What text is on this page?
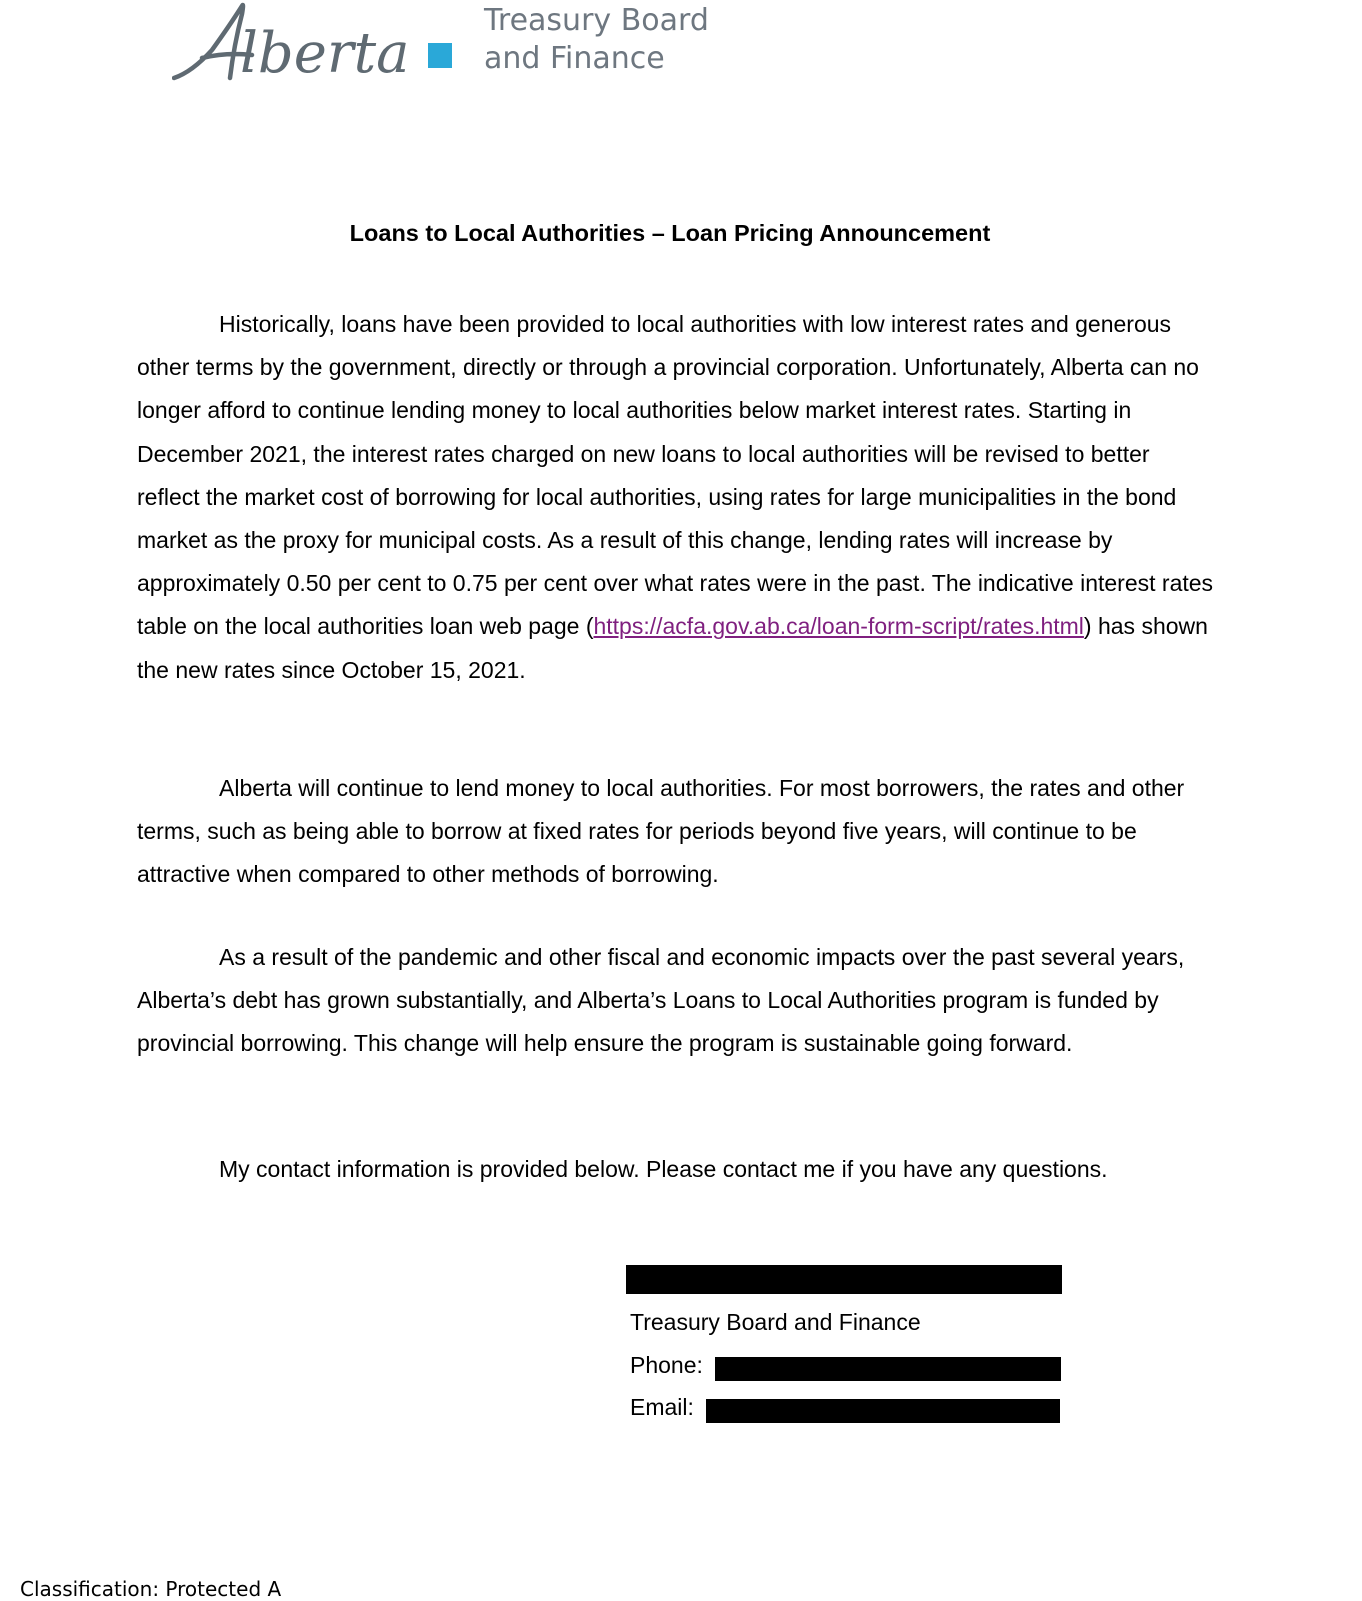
lberta
Treasury Board
and Finance
Loans to Local Authorities – Loan Pricing Announcement

Historically, loans have been provided to local authorities with low interest rates and generous other terms by the government, directly or through a provincial corporation. Unfortunately, Alberta can no longer afford to continue lending money to local authorities below market interest rates. Starting in December 2021, the interest rates charged on new loans to local authorities will be revised to better reflect the market cost of borrowing for local authorities, using rates for large municipalities in the bond market as the proxy for municipal costs. As a result of this change, lending rates will increase by approximately 0.50 per cent to 0.75 per cent over what rates were in the past. The indicative interest rates table on the local authorities loan web page (https://acfa.gov.ab.ca/loan-form-script/rates.html) has shown the new rates since October 15, 2021.

Alberta will continue to lend money to local authorities. For most borrowers, the rates and other terms, such as being able to borrow at fixed rates for periods beyond five years, will continue to be attractive when compared to other methods of borrowing.

As a result of the pandemic and other fiscal and economic impacts over the past several years, Alberta’s debt has grown substantially, and Alberta’s Loans to Local Authorities program is funded by provincial borrowing. This change will help ensure the program is sustainable going forward.

My contact information is provided below. Please contact me if you have any questions.

Treasury Board and Finance
Phone:
Email:
Classification: Protected A
